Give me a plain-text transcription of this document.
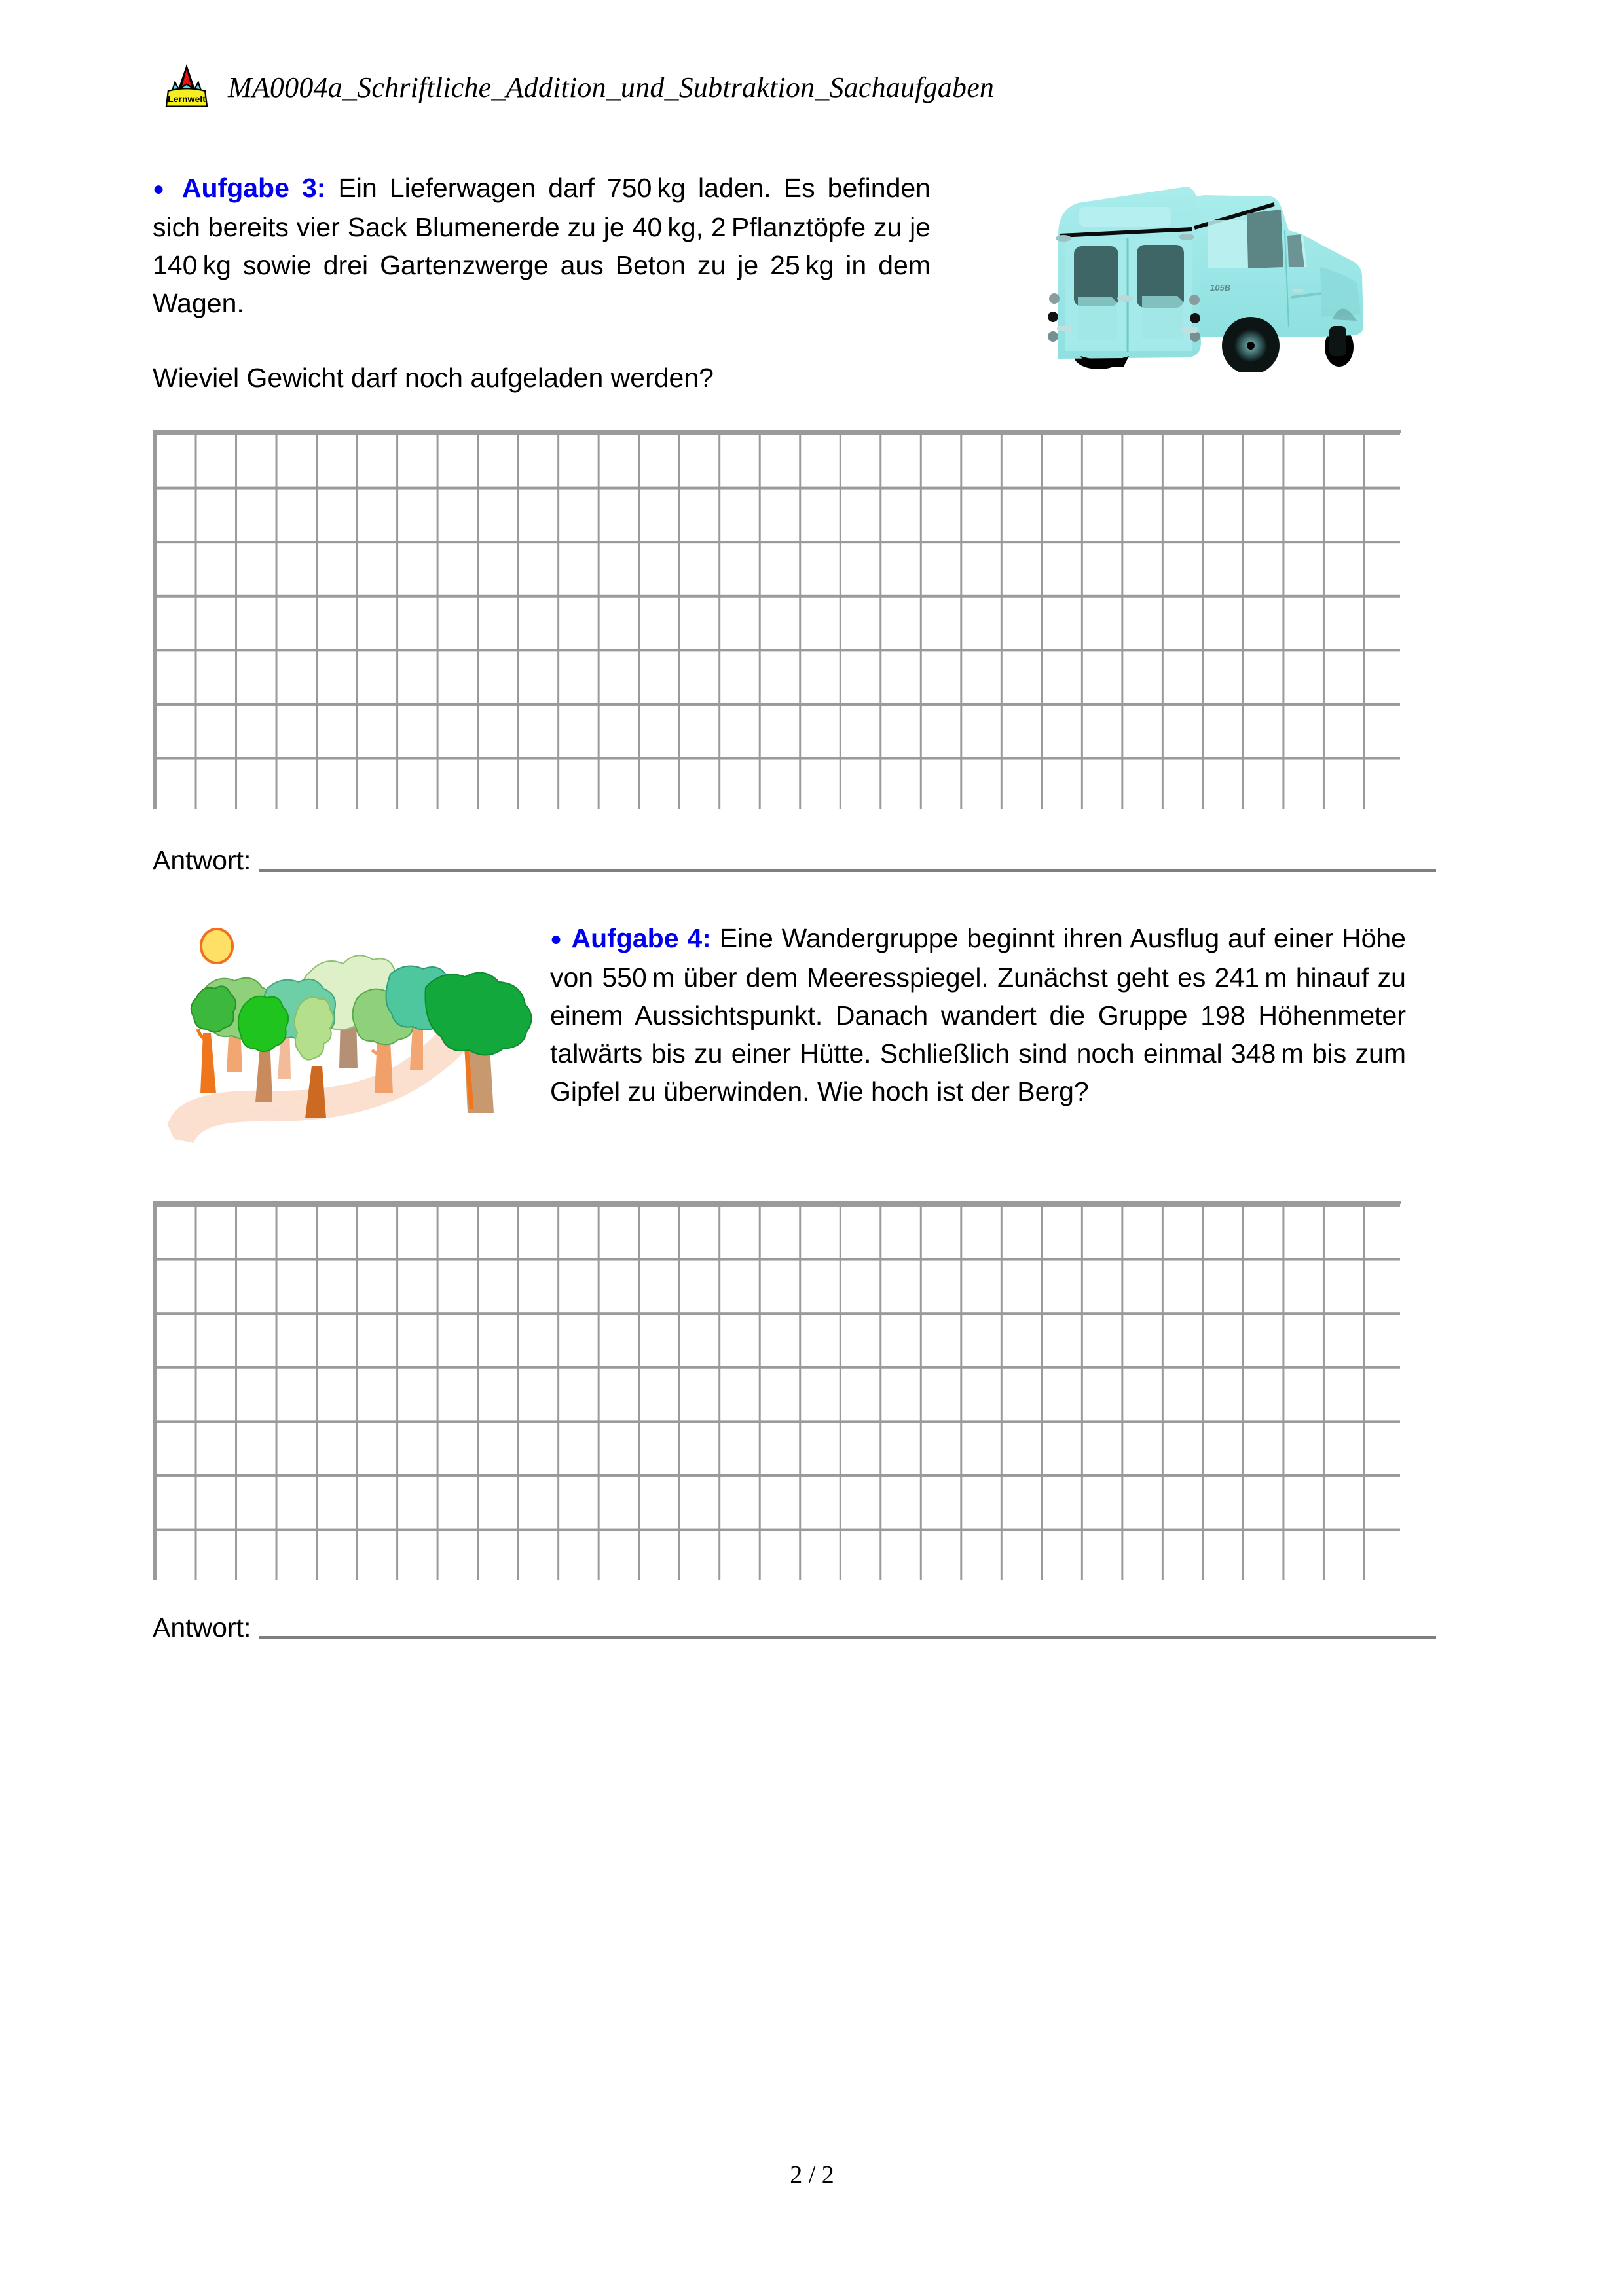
Lernwelt MA0004a_Schriftliche_Addition_und_Subtraktion_Sachaufgaben

● Aufgabe 3: Ein Lieferwagen darf 750 kg laden. Es befinden sich bereits vier Sack Blumenerde zu je 40 kg, 2 Pflanztöpfe zu je 140 kg sowie drei Gartenzwerge aus Beton zu je 25 kg in dem Wagen.

Wieviel Gewicht darf noch aufgeladen werden?
105B
Antwort:

● Aufgabe 4: Eine Wandergruppe beginnt ihren Ausflug auf einer Höhe von 550 m über dem Meeresspiegel. Zunächst geht es 241 m hinauf zu einem Aussichtspunkt. Danach wandert die Gruppe 198 Höhenmeter talwärts bis zu einer Hütte. Schließlich sind noch einmal 348 m bis zum Gipfel zu überwinden. Wie hoch ist der Berg?

Antwort:
2 / 2
